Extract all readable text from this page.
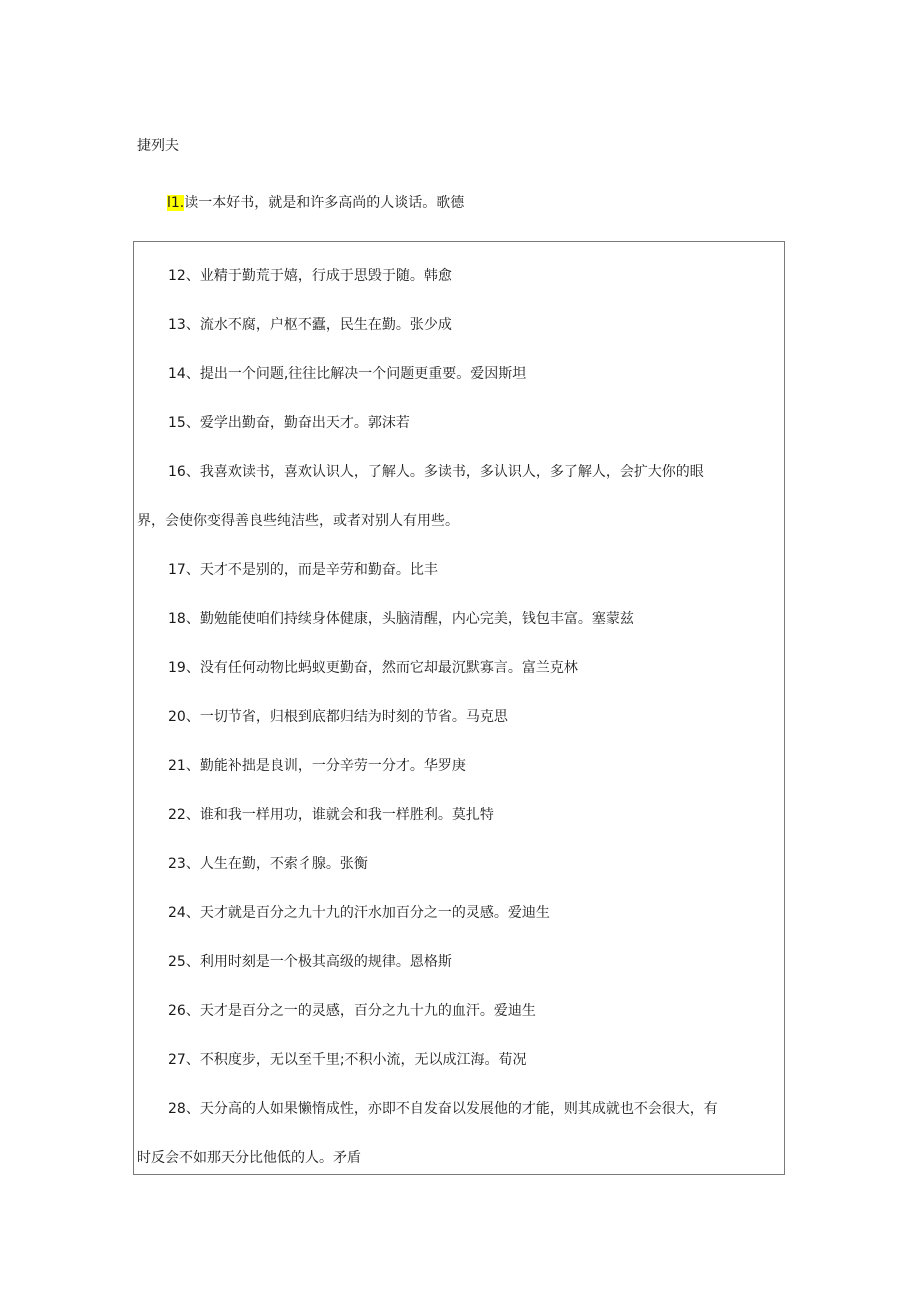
捷列夫
l1.读一本好书，就是和许多高尚的人谈话。歌德
12、业精于勤荒于嬉，行成于思毁于随。韩愈
13、流水不腐，户枢不蠹，民生在勤。张少成
14、提出一个问题,往往比解决一个问题更重要。爱因斯坦
15、爱学出勤奋，勤奋出天才。郭沫若
16、我喜欢读书，喜欢认识人，了解人。多读书，多认识人，多了解人，会扩大你的眼
界，会使你变得善良些纯洁些，或者对别人有用些。
17、天才不是别的，而是辛劳和勤奋。比丰
18、勤勉能使咱们持续身体健康，头脑清醒，内心完美，钱包丰富。塞蒙兹
19、没有任何动物比蚂蚁更勤奋，然而它却最沉默寡言。富兰克林
20、一切节省，归根到底都归结为时刻的节省。马克思
21、勤能补拙是良训，一分辛劳一分才。华罗庚
22、谁和我一样用功，谁就会和我一样胜利。莫扎特
23、人生在勤，不索彳腺。张衡
24、天才就是百分之九十九的汗水加百分之一的灵感。爱迪生
25、利用时刻是一个极其高级的规律。恩格斯
26、天才是百分之一的灵感，百分之九十九的血汗。爱迪生
27、不积度步，无以至千里;不积小流，无以成江海。荀况
28、天分高的人如果懒惰成性，亦即不自发奋以发展他的才能，则其成就也不会很大，有
时反会不如那天分比他低的人。矛盾
